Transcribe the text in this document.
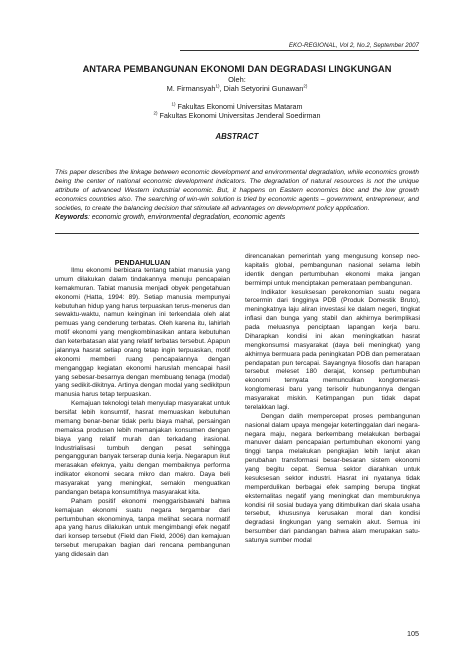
EKO-REGIONAL, Vol 2, No.2, September 2007
ANTARA PEMBANGUNAN EKONOMI DAN DEGRADASI LINGKUNGAN
Oleh:
M. Firmansyah$^{1)}$, Diah Setyorini Gunawan$^{2)}$
$^{1)}$ Fakultas Ekonomi Universitas Mataram
$^{2)}$ Fakultas Ekonomi Universitas Jenderal Soedirman
ABSTRACT
This paper describes the linkage between economic development and environmental degradation, while economics growth being the center of national economic development indicators. The degradation of natural resources is not the unique attribute of advanced Western industrial economic. But, it happens on Eastern economics bloc and the low growth economics countries also. The searching of win-win solution is tried by economic agents – government, entrepreneur, and societies, to create the balancing decision that stimulate all advantages on development policy application.
Keywords: economic growth, environmental degradation, economic agents

PENDAHULUAN

Ilmu ekonomi berbicara tentang tabiat manusia yang umum dilakukan dalam tindakannya menuju pencapaian kemakmuran. Tabiat manusia menjadi obyek pengetahuan ekonomi (Hatta, 1994: 89). Setiap manusia mempunyai kebutuhan hidup yang harus terpuaskan terus-menerus dan sewaktu-waktu, namun keinginan ini terkendala oleh alat pemuas yang cenderung terbatas. Oleh karena itu, lahirlah motif ekonomi yang mengkombinasikan antara kebutuhan dan keterbatasan alat yang relatif terbatas tersebut. Apapun jalannya hasrat setiap orang tetap ingin terpuaskan, motif ekonomi memberi ruang pencapaiannya dengan menganggap kegiatan ekonomi haruslah mencapai hasil yang sebesar-besarnya dengan membuang tenaga (modal) yang sedikit-dikitnya. Artinya dengan modal yang sedikitpun manusia harus tetap terpuaskan.

Kemajuan teknologi telah menyulap masyarakat untuk bersifat lebih konsumtif, hasrat memuaskan kebutuhan memang benar-benar tidak perlu biaya mahal, persaingan memaksa produsen lebih memanjakan konsumen dengan biaya yang relatif murah dan terkadang irasional. Industrialisasi tumbuh dengan pesat sehingga pengangguran banyak terserap dunia kerja. Negarapun ikut merasakan efeknya, yaitu dengan membaiknya performa indikator ekonomi secara mikro dan makro. Daya beli masyarakat yang meningkat, semakin menguatkan pandangan betapa konsumtifnya masyarakat kita.

Paham positif ekonomi menggarisbawahi bahwa kemajuan ekonomi suatu negara tergambar dari pertumbuhan ekonominya, tanpa melihat secara normatif apa yang harus dilakukan untuk mengimbangi efek negatif dari konsep tersebut (Field dan Field, 2006) dan kemajuan tersebut merupakan bagian dari rencana pembangunan yang didesain dan

direncanakan pemerintah yang mengusung konsep neo-kapitalis global, pembangunan nasional selama lebih identik dengan pertumbuhan ekonomi maka jangan bermimpi untuk menciptakan pemerataan pembangunan.

Indikator kesuksesan perekonomian suatu negara tercermin dari tingginya PDB (Produk Domestik Bruto), meningkatnya laju aliran investasi ke dalam negeri, tingkat inflasi dan bunga yang stabil dan akhirnya berimplikasi pada meluasnya penciptaan lapangan kerja baru. Diharapkan kondisi ini akan meningkatkan hasrat mengkonsumsi masyarakat (daya beli meningkat) yang akhirnya bermuara pada peningkatan PDB dan pemerataan pendapatan pun tercapai. Sayangnya filosofis dan harapan tersebut meleset 180 derajat, konsep pertumbuhan ekonomi ternyata memunculkan konglomerasi-konglomerasi baru yang terisolir hubungannya dengan masyarakat miskin. Ketimpangan pun tidak dapat terelakkan lagi.

Dengan dalih mempercepat proses pembangunan nasional dalam upaya mengejar ketertinggalan dari negara-negara maju, negara berkembang melakukan berbagai manuver dalam pencapaian pertumbuhan ekonomi yang tinggi tanpa melakukan pengkajian lebih lanjut akan perubahan transformasi besar-besaran sistem ekonomi yang begitu cepat. Semua sektor diarahkan untuk kesuksesan sektor industri. Hasrat ini nyatanya tidak memperdulikan berbagai efek samping berupa tingkat eksternalitas negatif yang meningkat dan memburuknya kondisi riil sosial budaya yang ditimbulkan dari skala usaha tersebut, khususnya kerusakan moral dan kondisi degradasi lingkungan yang semakin akut. Semua ini bersumber dari pandangan bahwa alam merupakan satu-satunya sumber modal

105
